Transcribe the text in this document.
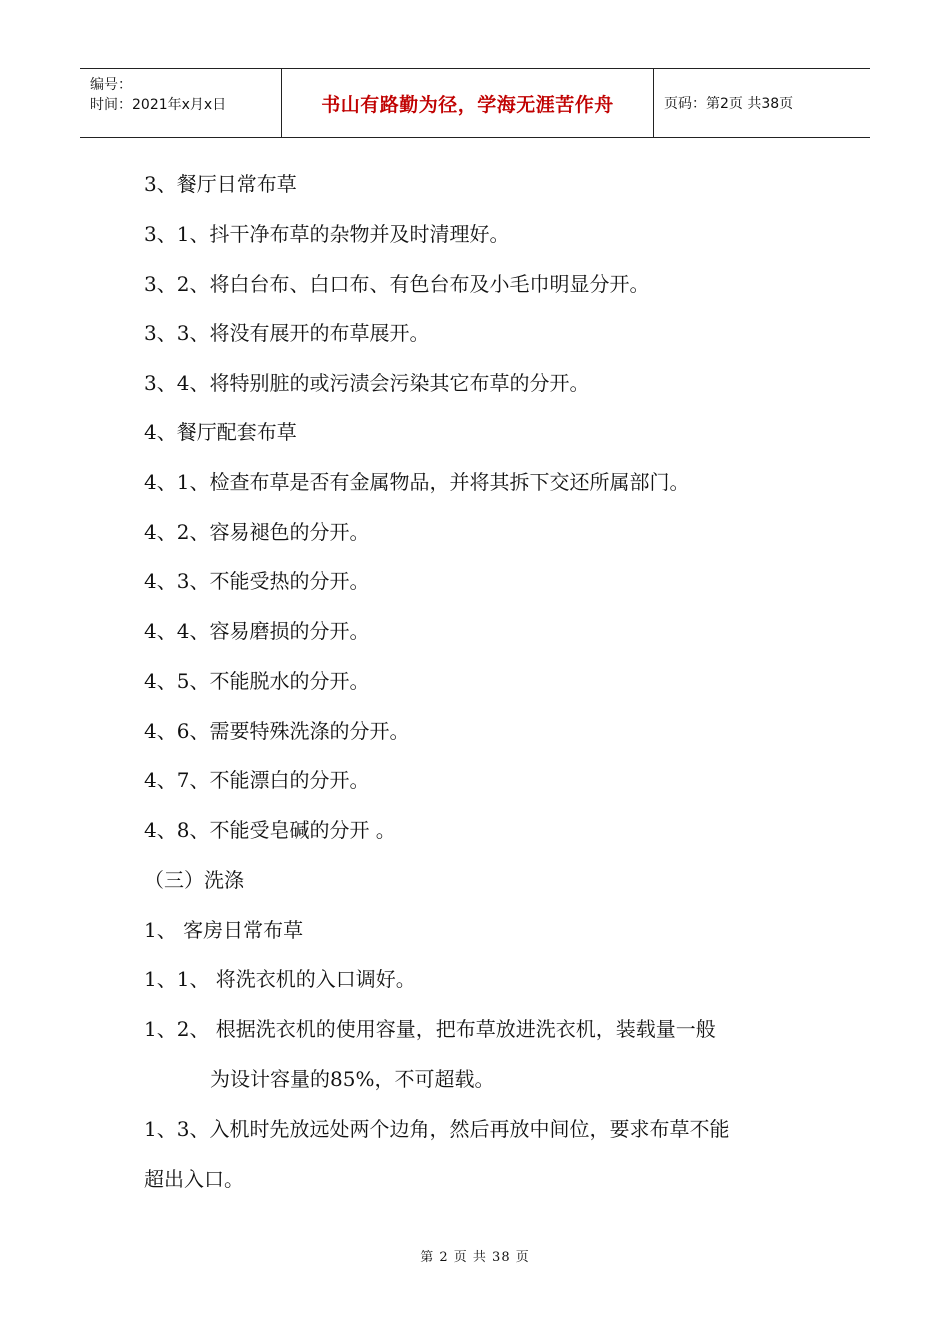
编号：
时间：2021年x月x日	书山有路勤为径，学海无涯苦作舟	页码：第2页 共38页
3、餐厅日常布草
3、1、抖干净布草的杂物并及时清理好。
3、2、将白台布、白口布、有色台布及小毛巾明显分开。
3、3、将没有展开的布草展开。
3、4、将特别脏的或污渍会污染其它布草的分开。
4、餐厅配套布草
4、1、检查布草是否有金属物品，并将其拆下交还所属部门。
4、2、容易褪色的分开。
4、3、不能受热的分开。
4、4、容易磨损的分开。
4、5、不能脱水的分开。
4、6、需要特殊洗涤的分开。
4、7、不能漂白的分开。
4、8、不能受皂碱的分开 。
（三）洗涤
1、 客房日常布草
1、1、 将洗衣机的入口调好。
1、2、 根据洗衣机的使用容量，把布草放进洗衣机，装载量一般
为设计容量的85%，不可超载。
1、3、入机时先放远处两个边角，然后再放中间位，要求布草不能
超出入口。
第 2 页 共 38 页
